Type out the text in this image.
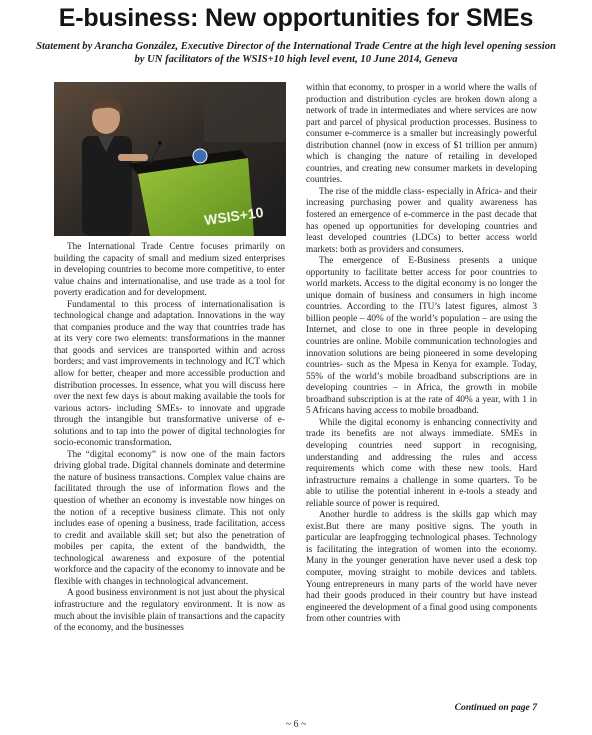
E-business: New opportunities for SMEs
Statement by Arancha González, Executive Director of the International Trade Centre at the high level opening session by UN facilitators of the WSIS+10 high level event, 10 June 2014, Geneva
WSIS+10

The International Trade Centre focuses primarily on building the capacity of small and medium sized enterprises in developing countries to become more competitive, to enter value chains and internationalise, and use trade as a tool for poverty eradication and for development.

Fundamental to this process of internationalisation is technological change and adaptation. Innovations in the way that companies produce and the way that countries trade has at its very core two elements: transformations in the manner that goods and services are transported within and across borders; and vast improvements in technology and ICT which allow for better, cheaper and more accessible production and distribution processes. In essence, what you will discuss here over the next few days is about making available the tools for various actors- including SMEs- to innovate and upgrade through the intangible but transformative universe of e-solutions and to tap into the power of digital technologies for socio-economic transformation.

The “digital economy” is now one of the main factors driving global trade. Digital channels dominate and determine the nature of business transactions. Complex value chains are facilitated through the use of information flows and the question of whether an economy is investable now hinges on the notion of a receptive business climate. This not only includes ease of opening a business, trade facilitation, access to credit and available skill set; but also the penetration of mobiles per capita, the extent of the bandwidth, the technological awareness and exposure of the potential workforce and the capacity of the economy to innovate and be flexible with changes in technological advancement.

A good business environment is not just about the physical infrastructure and the regulatory environment. It is now as much about the invisible plain of transactions and the capacity of the economy, and the businesses

within that economy, to prosper in a world where the walls of production and distribution cycles are broken down along a network of trade in intermediates and where services are now part and parcel of physical production processes. Business to consumer e-commerce is a smaller but increasingly powerful distribution channel (now in excess of $1 trillion per annum) which is changing the nature of retailing in developed countries, and creating new consumer markets in developing countries.

The rise of the middle class- especially in Africa- and their increasing purchasing power and quality awareness has fostered an emergence of e-commerce in the past decade that has opened up opportunities for developing countries and least developed countries (LDCs) to better access world markets: both as providers and consumers.

The emergence of E-Business presents a unique opportunity to facilitate better access for poor countries to world markets. Access to the digital economy is no longer the unique domain of business and consumers in high income countries. According to the ITU’s latest figures, almost 3 billion people – 40% of the world’s population – are using the Internet, and close to one in three people in developing countries are online. Mobile communication technologies and innovation solutions are being pioneered in some developing countries- such as the Mpesa in Kenya for example. Today, 55% of the world’s mobile broadband subscriptions are in developing countries – in Africa, the growth in mobile broadband subscription is at the rate of 40% a year, with 1 in 5 Africans having access to mobile broadband.

While the digital economy is enhancing connectivity and trade its benefits are not always immediate. SMEs in developing countries need support in recognising, understanding and addressing the rules and access requirements which come with these new tools. Hard infrastructure remains a challenge in some quarters. To be able to utilise the potential inherent in e-tools a steady and reliable source of power is required.

Another hurdle to address is the skills gap which may exist.But there are many positive signs. The youth in particular are leapfrogging technological phases. Technology is facilitating the integration of women into the economy. Many in the younger generation have never used a desk top computer, moving straight to mobile devices and tablets. Young entrepreneurs in many parts of the world have never had their goods produced in their country but have instead engineered the development of a final good using components from other countries with

Continued on page 7
~ 6 ~
